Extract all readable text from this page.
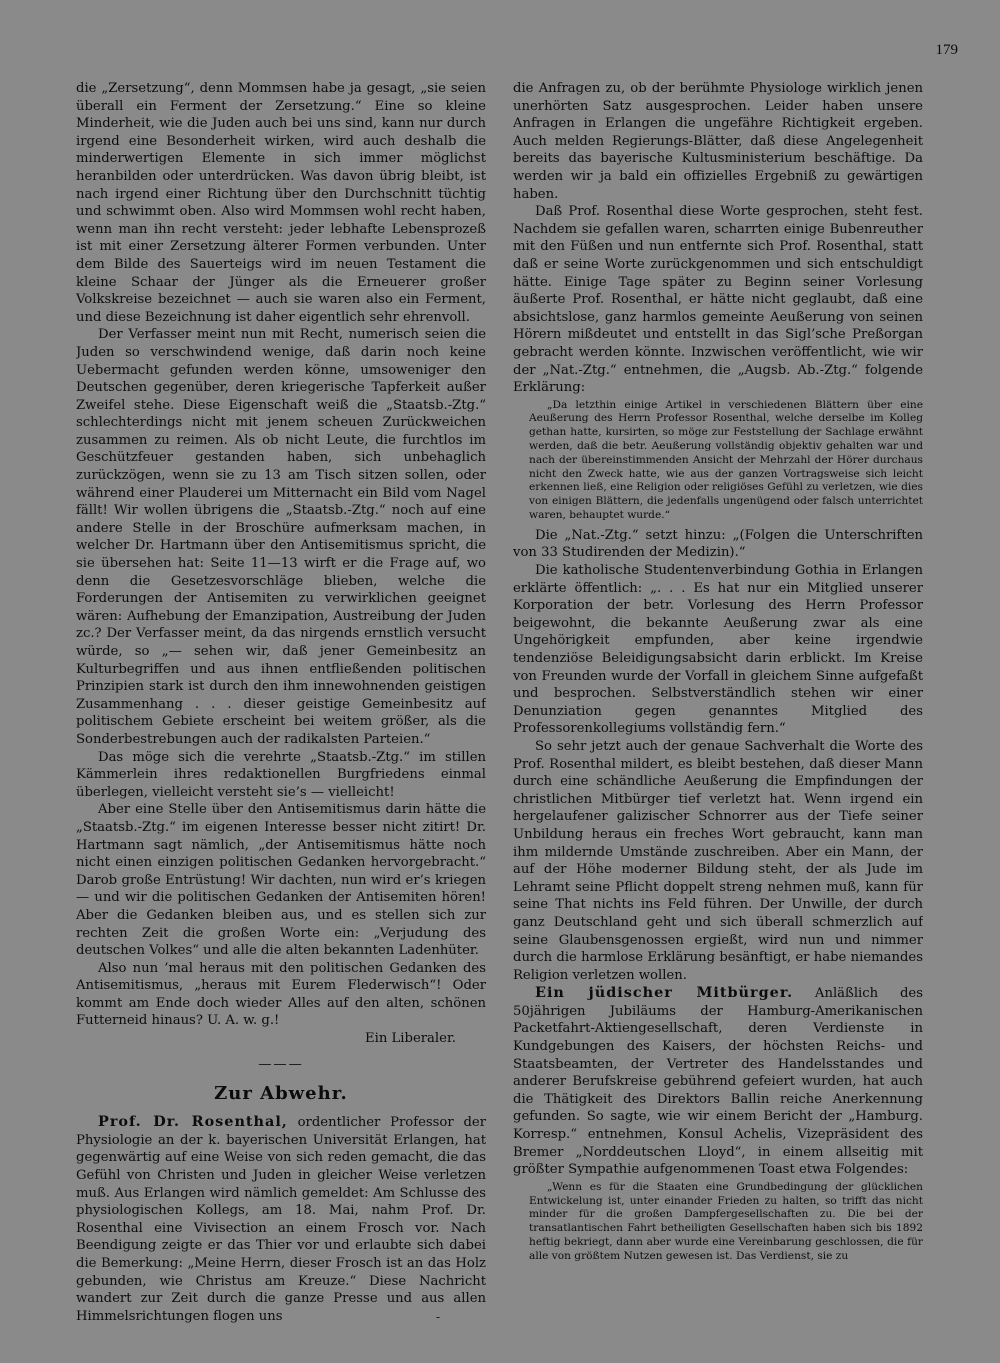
179

die „Zersetzung“, denn Mommsen habe ja gesagt, „sie seien überall ein Ferment der Zersetzung.“ Eine so kleine Minderheit, wie die Juden auch bei uns sind, kann nur durch irgend eine Besonderheit wirken, wird auch deshalb die minderwertigen Elemente in sich immer möglichst heranbilden oder unterdrücken. Was davon übrig bleibt, ist nach irgend einer Richtung über den Durchschnitt tüchtig und schwimmt oben. Also wird Mommsen wohl recht haben, wenn man ihn recht versteht: jeder lebhafte Lebensprozeß ist mit einer Zersetzung älterer Formen verbunden. Unter dem Bilde des Sauerteigs wird im neuen Testament die kleine Schaar der Jünger als die Erneuerer großer Volkskreise bezeichnet — auch sie waren also ein Ferment, und diese Bezeichnung ist daher eigentlich sehr ehrenvoll.

Der Verfasser meint nun mit Recht, numerisch seien die Juden so verschwindend wenige, daß darin noch keine Uebermacht gefunden werden könne, umsoweniger den Deutschen gegenüber, deren kriegerische Tapferkeit außer Zweifel stehe. Diese Eigenschaft weiß die „Staatsb.-Ztg.“ schlechterdings nicht mit jenem scheuen Zurückweichen zusammen zu reimen. Als ob nicht Leute, die furchtlos im Geschützfeuer gestanden haben, sich unbehaglich zurückzögen, wenn sie zu 13 am Tisch sitzen sollen, oder während einer Plauderei um Mitternacht ein Bild vom Nagel fällt! Wir wollen übrigens die „Staatsb.-Ztg.“ noch auf eine andere Stelle in der Broschüre aufmerksam machen, in welcher Dr. Hartmann über den Antisemitismus spricht, die sie übersehen hat: Seite 11—13 wirft er die Frage auf, wo denn die Gesetzesvorschläge blieben, welche die Forderungen der Antisemiten zu verwirklichen geeignet wären: Aufhebung der Emanzipation, Austreibung der Juden zc.? Der Verfasser meint, da das nirgends ernstlich versucht würde, so „— sehen wir, daß jener Gemeinbesitz an Kulturbegriffen und aus ihnen entfließenden politischen Prinzipien stark ist durch den ihm innewohnenden geistigen Zusammenhang . . . dieser geistige Gemeinbesitz auf politischem Gebiete erscheint bei weitem größer, als die Sonderbestrebungen auch der radikalsten Parteien.“

Das möge sich die verehrte „Staatsb.-Ztg.“ im stillen Kämmerlein ihres redaktionellen Burgfriedens einmal überlegen, vielleicht versteht sie’s — vielleicht!

Aber eine Stelle über den Antisemitismus darin hätte die „Staatsb.-Ztg.“ im eigenen Interesse besser nicht zitirt! Dr. Hartmann sagt nämlich, „der Antisemitismus hätte noch nicht einen einzigen politischen Gedanken hervorgebracht.“ Darob große Entrüstung! Wir dachten, nun wird er’s kriegen — und wir die politischen Gedanken der Antisemiten hören! Aber die Gedanken bleiben aus, und es stellen sich zur rechten Zeit die großen Worte ein: „Verjudung des deutschen Volkes“ und alle die alten bekannten Ladenhüter.

Also nun ’mal heraus mit den politischen Gedanken des Antisemitismus, „heraus mit Eurem Flederwisch“! Oder kommt am Ende doch wieder Alles auf den alten, schönen Futterneid hinaus? U. A. w. g.!

Ein Liberaler.

———
Zur Abwehr.

Prof. Dr. Rosenthal, ordentlicher Professor der Physiologie an der k. bayerischen Universität Erlangen, hat gegenwärtig auf eine Weise von sich reden gemacht, die das Gefühl von Christen und Juden in gleicher Weise verletzen muß. Aus Erlangen wird nämlich gemeldet: Am Schlusse des physiologischen Kollegs, am 18. Mai, nahm Prof. Dr. Rosenthal eine Vivisection an einem Frosch vor. Nach Beendigung zeigte er das Thier vor und erlaubte sich dabei die Bemerkung: „Meine Herrn, dieser Frosch ist an das Holz gebunden, wie Christus am Kreuze.“ Diese Nachricht wandert zur Zeit durch die ganze Presse und aus allen Himmelsrichtungen flogen uns

die Anfragen zu, ob der berühmte Physiologe wirklich jenen unerhörten Satz ausgesprochen. Leider haben unsere Anfragen in Erlangen die ungefähre Richtigkeit ergeben. Auch melden Regierungs-Blätter, daß diese Angelegenheit bereits das bayerische Kultusministerium beschäftige. Da werden wir ja bald ein offizielles Ergebniß zu gewärtigen haben.

Daß Prof. Rosenthal diese Worte gesprochen, steht fest. Nachdem sie gefallen waren, scharrten einige Bubenreuther mit den Füßen und nun entfernte sich Prof. Rosenthal, statt daß er seine Worte zurückgenommen und sich entschuldigt hätte. Einige Tage später zu Beginn seiner Vorlesung äußerte Prof. Rosenthal, er hätte nicht geglaubt, daß eine absichtslose, ganz harmlos gemeinte Aeußerung von seinen Hörern mißdeutet und entstellt in das Sigl’sche Preßorgan gebracht werden könnte. Inzwischen veröffentlicht, wie wir der „Nat.-Ztg.“ entnehmen, die „Augsb. Ab.-Ztg.“ folgende Erklärung:

„Da letzthin einige Artikel in verschiedenen Blättern über eine Aeußerung des Herrn Professor Rosenthal, welche derselbe im Kolleg gethan hatte, kursirten, so möge zur Feststellung der Sachlage erwähnt werden, daß die betr. Aeußerung vollständig objektiv gehalten war und nach der übereinstimmenden Ansicht der Mehrzahl der Hörer durchaus nicht den Zweck hatte, wie aus der ganzen Vortragsweise sich leicht erkennen ließ, eine Religion oder religiöses Gefühl zu verletzen, wie dies von einigen Blättern, die jedenfalls ungenügend oder falsch unterrichtet waren, behauptet wurde.“

Die „Nat.-Ztg.“ setzt hinzu: „(Folgen die Unterschriften von 33 Studirenden der Medizin).“

Die katholische Studentenverbindung Gothia in Erlangen erklärte öffentlich: „. . . Es hat nur ein Mitglied unserer Korporation der betr. Vorlesung des Herrn Professor beigewohnt, die bekannte Aeußerung zwar als eine Ungehörigkeit empfunden, aber keine irgendwie tendenziöse Beleidigungsabsicht darin erblickt. Im Kreise von Freunden wurde der Vorfall in gleichem Sinne aufgefaßt und besprochen. Selbstverständlich stehen wir einer Denunziation gegen genanntes Mitglied des Professorenkollegiums vollständig fern.“

So sehr jetzt auch der genaue Sachverhalt die Worte des Prof. Rosenthal mildert, es bleibt bestehen, daß dieser Mann durch eine schändliche Aeußerung die Empfindungen der christlichen Mitbürger tief verletzt hat. Wenn irgend ein hergelaufener galizischer Schnorrer aus der Tiefe seiner Unbildung heraus ein freches Wort gebraucht, kann man ihm mildernde Umstände zuschreiben. Aber ein Mann, der auf der Höhe moderner Bildung steht, der als Jude im Lehramt seine Pflicht doppelt streng nehmen muß, kann für seine That nichts ins Feld führen. Der Unwille, der durch ganz Deutschland geht und sich überall schmerzlich auf seine Glaubensgenossen ergießt, wird nun und nimmer durch die harmlose Erklärung besänftigt, er habe niemandes Religion verletzen wollen.

Ein jüdischer Mitbürger. Anläßlich des 50jährigen Jubiläums der Hamburg-Amerikanischen Packetfahrt-Aktiengesellschaft, deren Verdienste in Kundgebungen des Kaisers, der höchsten Reichs- und Staatsbeamten, der Vertreter des Handelsstandes und anderer Berufskreise gebührend gefeiert wurden, hat auch die Thätigkeit des Direktors Ballin reiche Anerkennung gefunden. So sagte, wie wir einem Bericht der „Hamburg. Korresp.“ entnehmen, Konsul Achelis, Vizepräsident des Bremer „Norddeutschen Lloyd“, in einem allseitig mit größter Sympathie aufgenommenen Toast etwa Folgendes:

„Wenn es für die Staaten eine Grundbedingung der glücklichen Entwickelung ist, unter einander Frieden zu halten, so trifft das nicht minder für die großen Dampfergesellschaften zu. Die bei der transatlantischen Fahrt betheiligten Gesellschaften haben sich bis 1892 heftig bekriegt, dann aber wurde eine Vereinbarung geschlossen, die für alle von größtem Nutzen gewesen ist. Das Verdienst, sie zu
-
